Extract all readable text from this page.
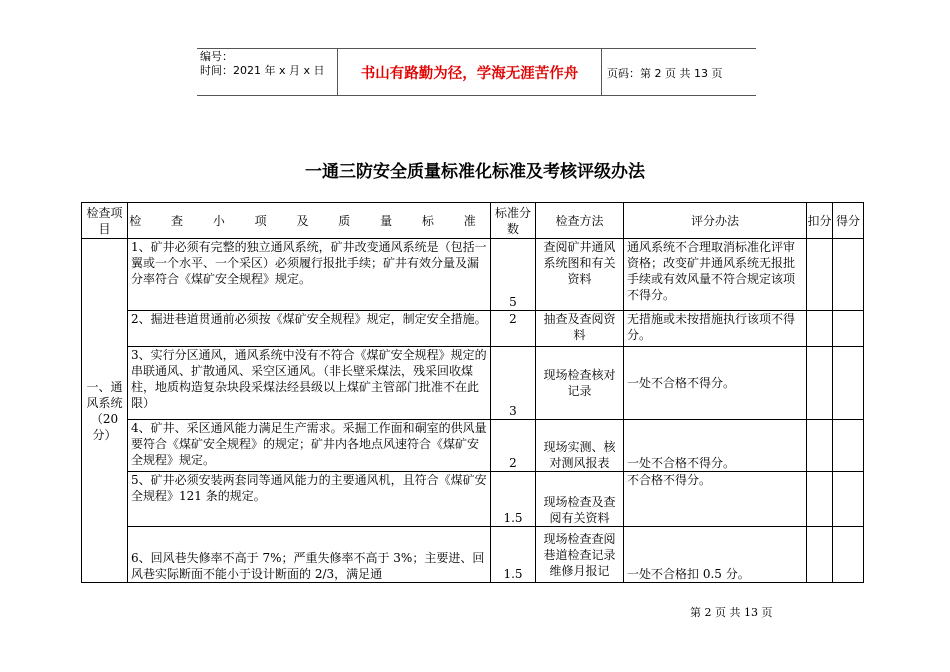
编号：
时间：2021 年 x 月 x 日	书山有路勤为径，学海无涯苦作舟	页码：第 2 页 共 13 页
一通三防安全质量标准化标准及考核评级办法
检查项目	检 查 小 项 及 质 量 标 准	标准分数	检查方法	评分办法	扣分	得分
一、通风系统（20分）	1、矿井必须有完整的独立通风系统，矿井改变通风系统是（包括一翼或一个水平、一个采区）必须履行报批手续；矿井有效分量及漏分率符合《煤矿安全规程》规定。	5	查阅矿井通风系统图和有关资料	通风系统不合理取消标准化评审资格；改变矿井通风系统无报批手续或有效风量不符合规定该项不得分。		
	2、掘进巷道贯通前必须按《煤矿安全规程》规定，制定安全措施。	2	抽查及查阅资料	无措施或未按措施执行该项不得分。		
	3、实行分区通风，通风系统中没有不符合《煤矿安全规程》规定的串联通风、扩散通风、采空区通风。（非长壁采煤法，残采回收煤柱，地质构造复杂块段采煤法经县级以上煤矿主管部门批准不在此限）	3	现场检查核对记录	一处不合格不得分。		
	4、矿井、采区通风能力满足生产需求。采掘工作面和硐室的供风量要符合《煤矿安全规程》的规定；矿井内各地点风速符合《煤矿安全规程》规定。	2	现场实测、核对测风报表	一处不合格不得分。		
	5、矿井必须安装两套同等通风能力的主要通风机，且符合《煤矿安全规程》121 条的规定。	1.5	现场检查及查阅有关资料	不合格不得分。		
	6、回风巷失修率不高于 7%；严重失修率不高于 3%；主要进、回风巷实际断面不能小于设计断面的 2/3，满足通	1.5	现场检查查阅巷道检查记录维修月报记	一处不合格扣 0.5 分。		
第 2 页 共 13 页
